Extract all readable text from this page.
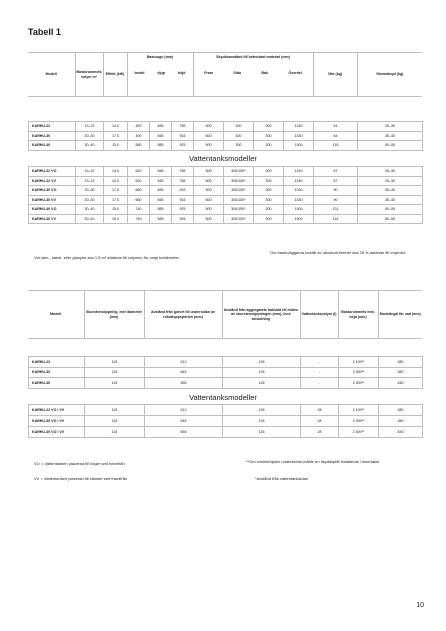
Tabell 1
Modell	Basturummets volym m³	Effekt (kW)	
Bastuugn (mm)
bredd	djup	höjd

Skyddsavstånd till brännbart material (mm)
Fram	Sida	Bak	Överdel	Vikt (kg)	Stenmängd (kg)
KARHU-22	13–22	14.0	450	465	785	500	300	300	1240	61	25–30
KARHU-30	20–30	17.0	490	465	915	500	300	300	1330	64	35–40
KARHU-40	30–40	15.0	580	585	925	500	300	300	1300	115	50–55
Vattentanksmodeller
KARHU-22 VO	13–22	14.0	620	465	785	500	300/150*	300	1240	67	25–30
KARHU-22 VV	13–22	14.0	620	465	785	500	300/150*	300	1240	67	25–30
KARHU-30 VO	20–30	17.0	660	465	915	500	300/150*	300	1330	90	35–40
KARHU-30 VV	20–30	17.0	660	465	915	500	300/150*	300	1330	90	35–40
KARHU-40 VO	30–40	15.0	740	585	925	500	300/150*	300	1300	131	50–55
KARHU-40 VV	30–40	15.0	740	585	925	500	300/150*	300	1300	131	50–55
Vid sten-, kakel- eller glasytor ska 1,5 m³ adderas till volymen för varje kubikmeter.
Om bastuväggarna består av oisolerat timmer ska 25 % adderas till volymen.
Modell	Skorstensöppning, inre diameter (mm)	Avstånd från golvet till undersidan av rökutloppsporten (mm)	Avstånd från aggregatets baksida till mitten av skorstensöppningen (mm), övre anslutning	Vattentanksvolym (l)	Basturummets min. höjd (mm)	Murklängd för vad (mm)
KARHU-22	115	512	126	-	2 100**	380
KARHU-30	115	645	126	-	2 300**	380
KARHU-40	115	655	126	-	2 300**	450
Vattentanksmodeller
KARHU-22 VO / VV	115	512	126	28	2 100**	380
KARHU-30 VO / VV	115	645	126	28	2 300**	380
KARHU-40 VO / VV	115	655	126	28	2 300**	450
VO = Vattentanken placerad till höger sett framifrån
VV = Vattentanken placerad till vänster sett framifrån
**Om minimihöjden underskrids måste en skyddsplåt installeras i innertaket
*Avstånd från vattentanksidan
10
